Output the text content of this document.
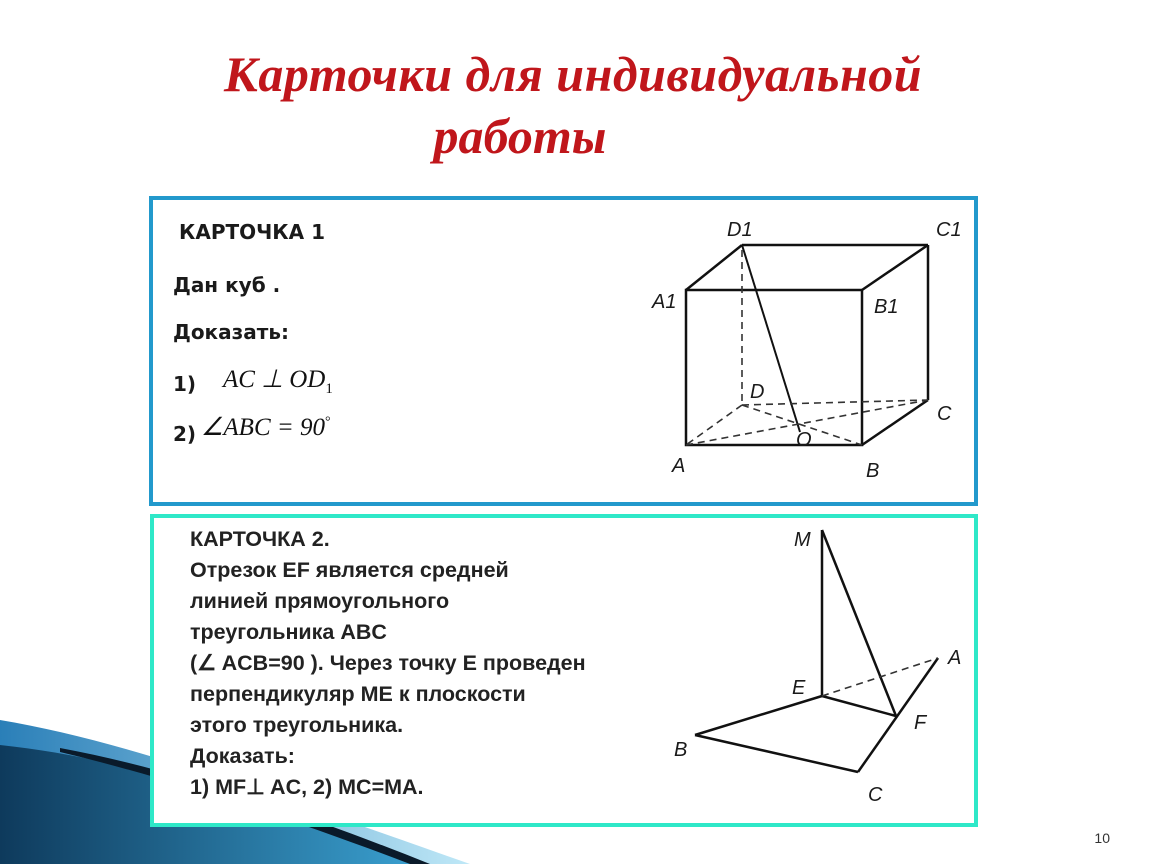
Карточки для индивидуальной
работы
КАРТОЧКА 1
Дан куб .
Доказать:
1) AC ⊥ $OD_1$
2) ∠ABC = 90°
КАРТОЧКА 2.
Отрезок EF является средней
линией прямоугольного
треугольника ABC
(∠ ACB=90 ). Через точку E проведен
перпендикуляр ME к плоскости
этого треугольника.
Доказать:
1) MF⊥ AC, 2) MC=MA.
D1	C1
A1	B1
D
C
O
A	B
M
A
E
F
B
C
10
